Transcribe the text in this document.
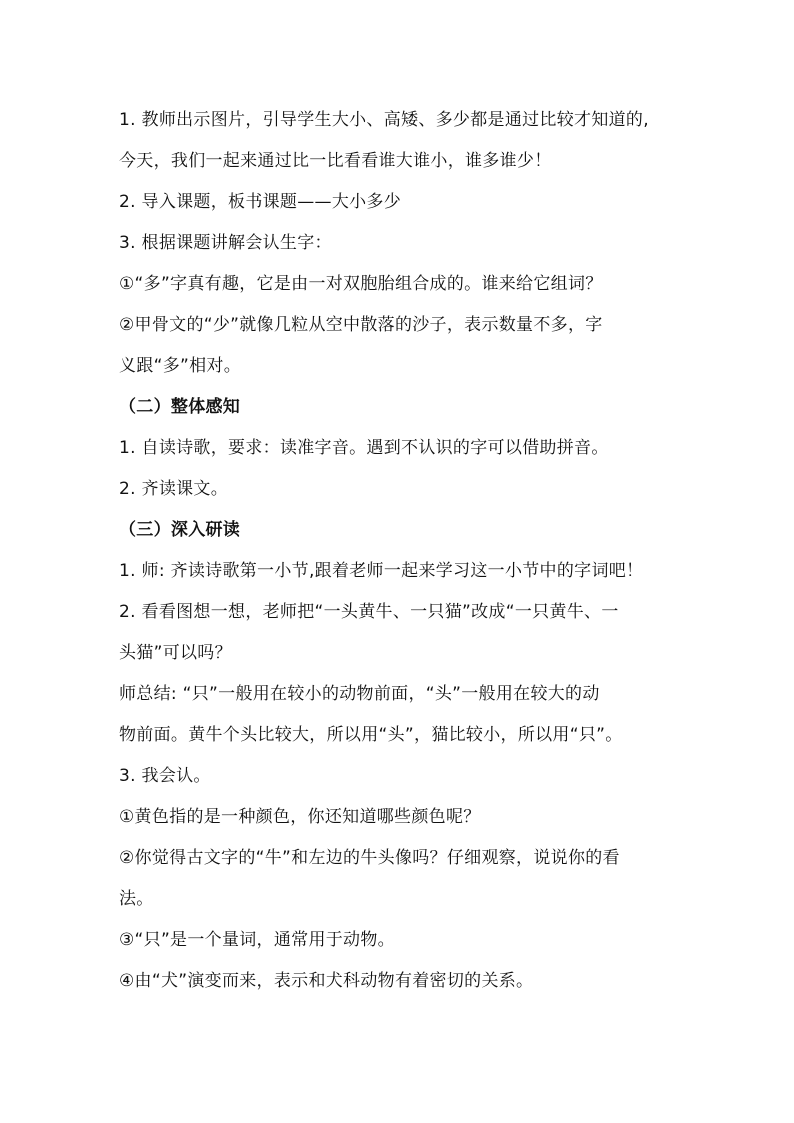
1. 教师出示图片，引导学生大小、高矮、多少都是通过比较才知道的,
今天，我们一起来通过比一比看看谁大谁小，谁多谁少！
2. 导入课题，板书课题——大小多少
3. 根据课题讲解会认生字：
①“多”字真有趣，它是由一对双胞胎组合成的。谁来给它组词？
②甲骨文的“少”就像几粒从空中散落的沙子，表示数量不多，字
义跟“多”相对。
（二）整体感知
1. 自读诗歌，要求：读准字音。遇到不认识的字可以借助拼音。
2. 齐读课文。
（三）深入研读
1. 师: 齐读诗歌第一小节,跟着老师一起来学习这一小节中的字词吧！
2. 看看图想一想，老师把“一头黄牛、一只猫”改成“一只黄牛、一
头猫”可以吗？
师总结: “只”一般用在较小的动物前面，“头”一般用在较大的动
物前面。黄牛个头比较大，所以用“头”，猫比较小，所以用“只”。
3. 我会认。
①黄色指的是一种颜色，你还知道哪些颜色呢？
②你觉得古文字的“牛”和左边的牛头像吗？仔细观察，说说你的看
法。
③“只”是一个量词，通常用于动物。
④由“犬”演变而来，表示和犬科动物有着密切的关系。
